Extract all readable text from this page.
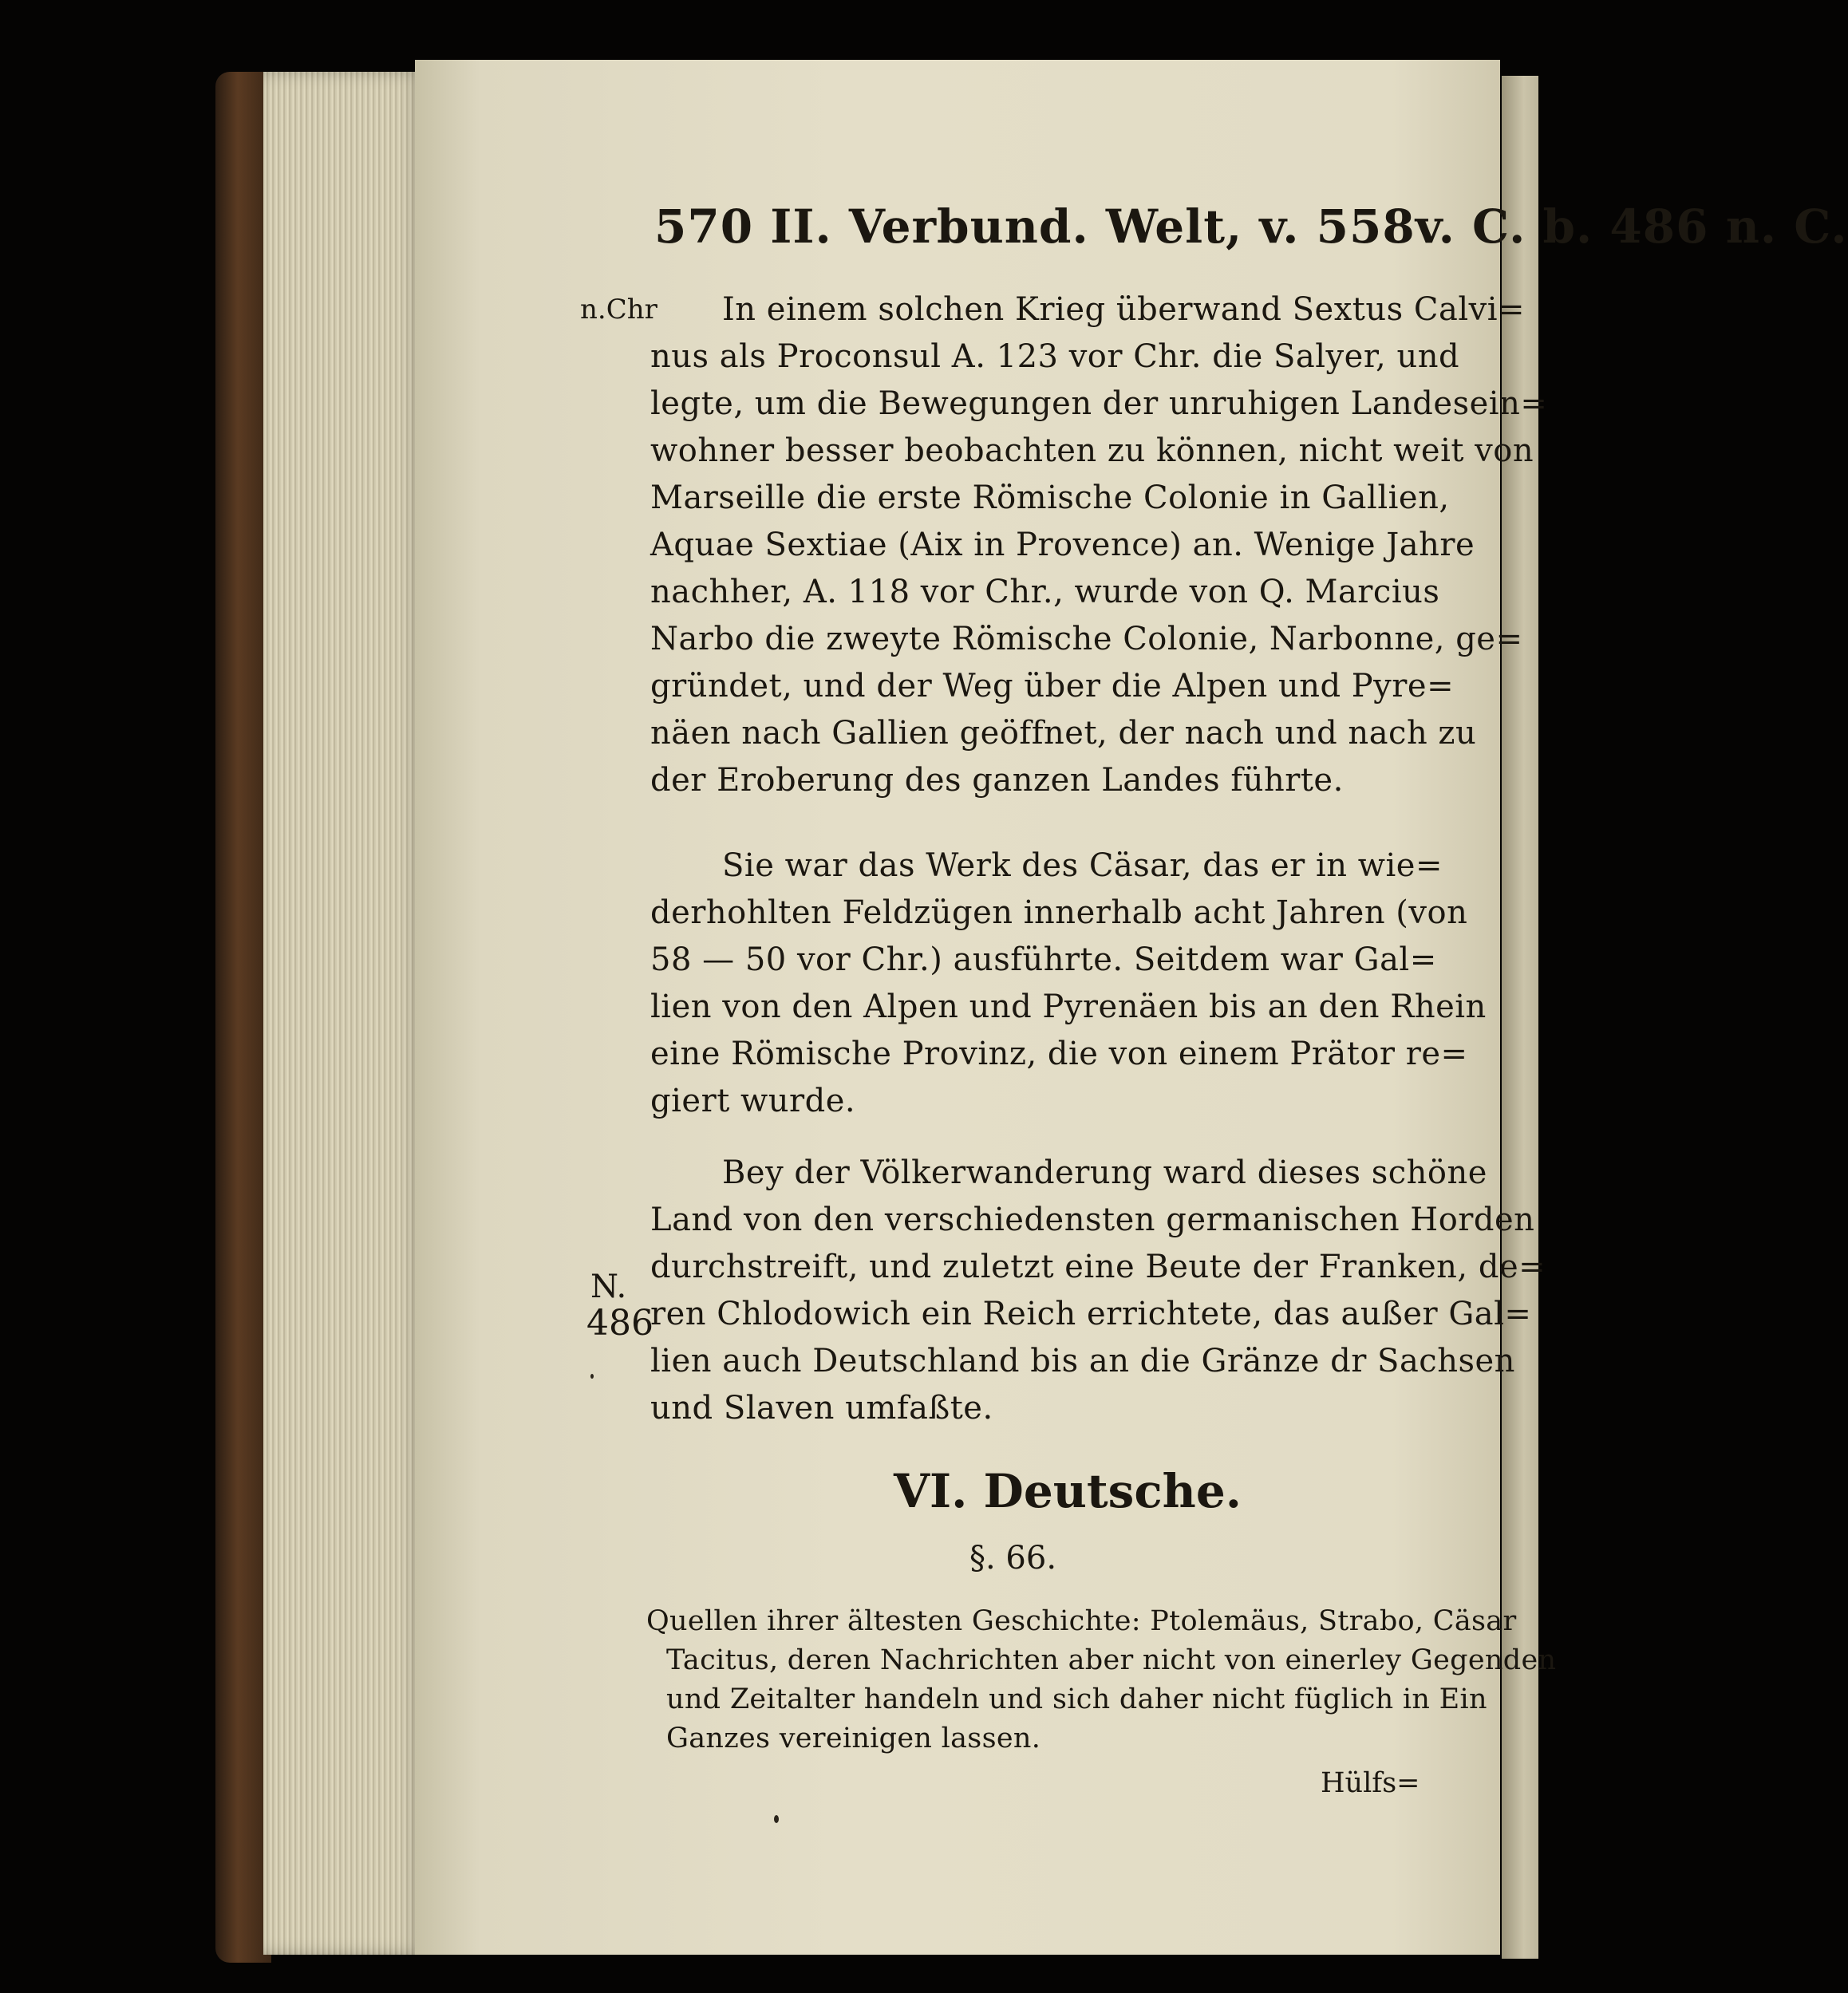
570 II. Verbund. Welt, v. 558v. C. b. 486 n. C.
n.Chr In einem solchen Krieg überwand Sextus Calvi=
nus als Proconsul A. 123 vor Chr. die Salyer, und
legte, um die Bewegungen der unruhigen Landesein=
wohner besser beobachten zu können, nicht weit von
Marseille die erste Römische Colonie in Gallien,
Aquae Sextiae (Aix in Provence) an. Wenige Jahre
nachher, A. 118 vor Chr., wurde von Q. Marcius
Narbo die zweyte Römische Colonie, Narbonne, ge=
gründet, und der Weg über die Alpen und Pyre=
näen nach Gallien geöffnet, der nach und nach zu
der Eroberung des ganzen Landes führte.
Sie war das Werk des Cäsar, das er in wie=
derhohlten Feldzügen innerhalb acht Jahren (von
58 — 50 vor Chr.) ausführte. Seitdem war Gal=
lien von den Alpen und Pyrenäen bis an den Rhein
eine Römische Provinz, die von einem Prätor re=
giert wurde.
Bey der Völkerwanderung ward dieses schöne
Land von den verschiedensten germanischen Horden
durchstreift, und zuletzt eine Beute der Franken, de=
ren Chlodowich ein Reich errichtete, das außer Gal=
lien auch Deutschland bis an die Gränze dr Sachsen
und Slaven umfaßte.
N.
486
VI. Deutsche.
§. 66.
Quellen ihrer ältesten Geschichte: Ptolemäus, Strabo, Cäsar
Tacitus, deren Nachrichten aber nicht von einerley Gegenden
und Zeitalter handeln und sich daher nicht füglich in Ein
Ganzes vereinigen lassen.
Hülfs=
